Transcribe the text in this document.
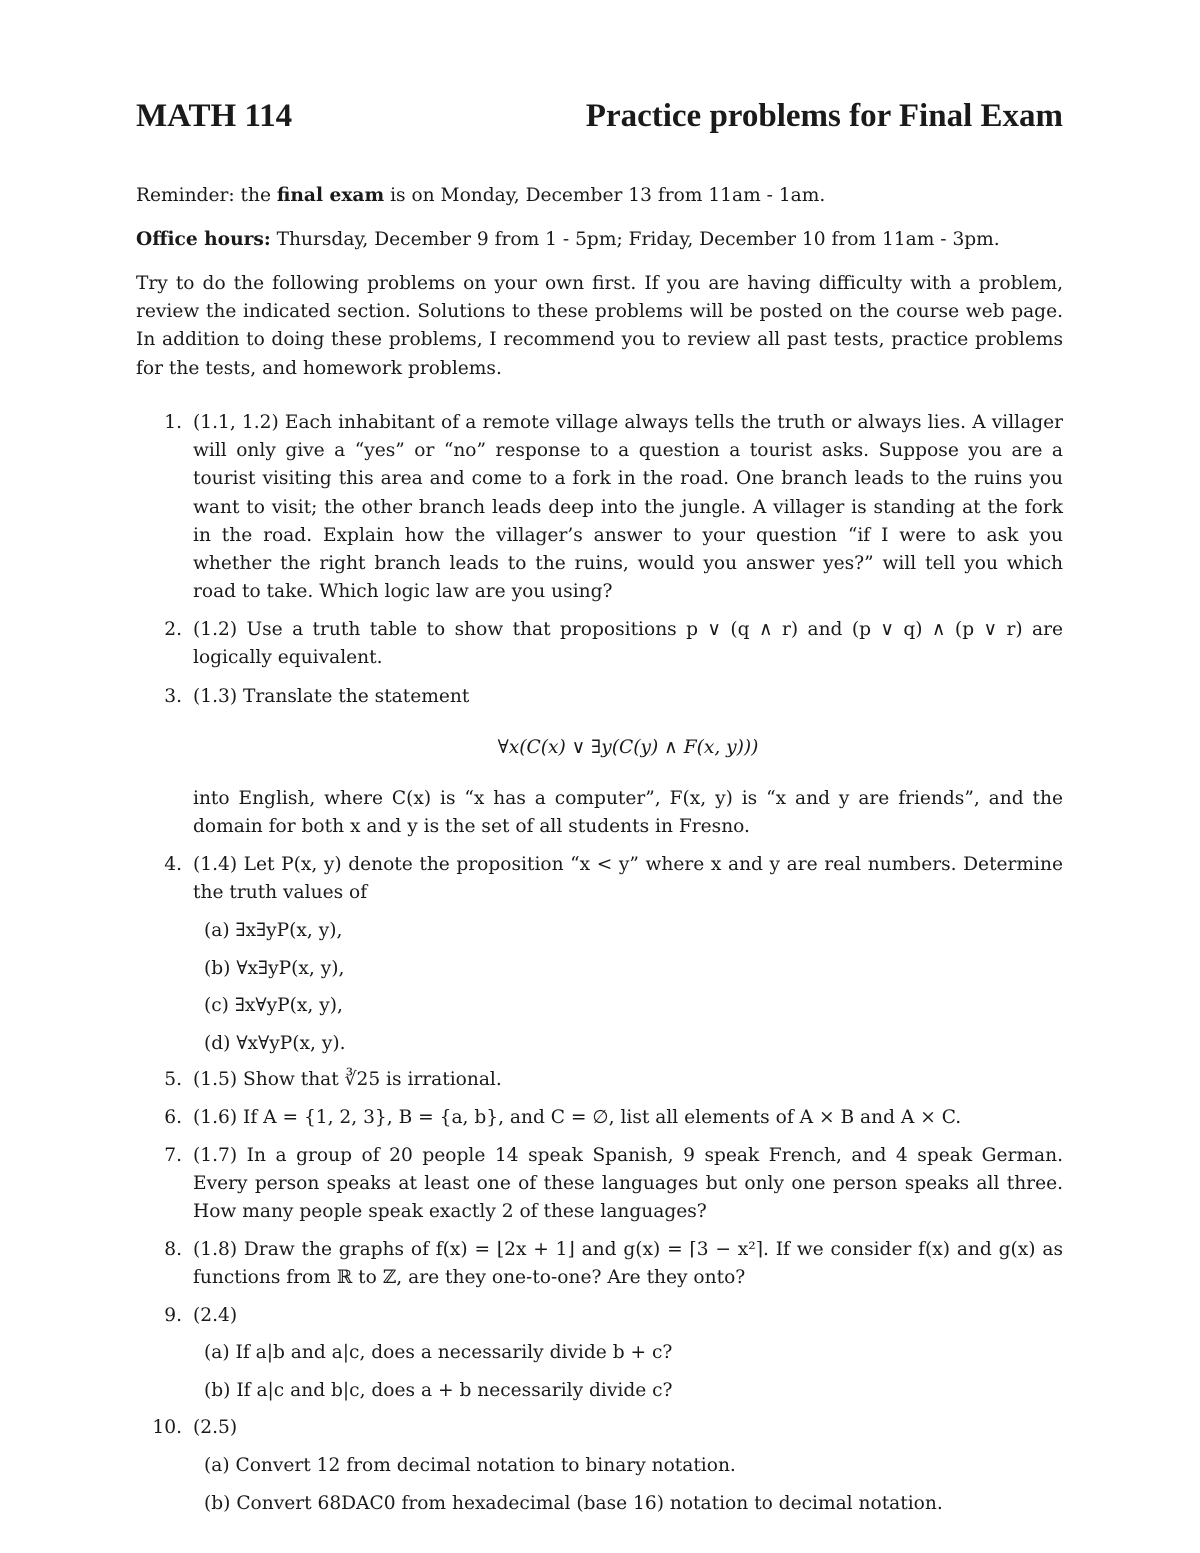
MATH 114	Practice problems for Final Exam

Reminder: the final exam is on Monday, December 13 from 11am - 1am.

Office hours: Thursday, December 9 from 1 - 5pm; Friday, December 10 from 11am - 3pm.

Try to do the following problems on your own first. If you are having difficulty with a problem, review the indicated section. Solutions to these problems will be posted on the course web page. In addition to doing these problems, I recommend you to review all past tests, practice problems for the tests, and homework problems.

1. (1.1, 1.2) Each inhabitant of a remote village always tells the truth or always lies. A villager will only give a “yes” or “no” response to a question a tourist asks. Suppose you are a tourist visiting this area and come to a fork in the road. One branch leads to the ruins you want to visit; the other branch leads deep into the jungle. A villager is standing at the fork in the road. Explain how the villager’s answer to your question “if I were to ask you whether the right branch leads to the ruins, would you answer yes?” will tell you which road to take. Which logic law are you using?
2. (1.2) Use a truth table to show that propositions p ∨ (q ∧ r) and (p ∨ q) ∧ (p ∨ r) are logically equivalent.
3. (1.3) Translate the statement
∀x(C(x) ∨ ∃y(C(y) ∧ F(x, y)))
into English, where C(x) is “x has a computer”, F(x, y) is “x and y are friends”, and the domain for both x and y is the set of all students in Fresno.
4. (1.4) Let P(x, y) denote the proposition “x < y” where x and y are real numbers. Determine the truth values of
(a) ∃x∃yP(x, y),
(b) ∀x∃yP(x, y),
(c) ∃x∀yP(x, y),
(d) ∀x∀yP(x, y).
5. (1.5) Show that ∛25 is irrational.
6. (1.6) If A = {1, 2, 3}, B = {a, b}, and C = ∅, list all elements of A × B and A × C.
7. (1.7) In a group of 20 people 14 speak Spanish, 9 speak French, and 4 speak German. Every person speaks at least one of these languages but only one person speaks all three. How many people speak exactly 2 of these languages?
8. (1.8) Draw the graphs of f(x) = ⌊2x + 1⌋ and g(x) = ⌈3 − x²⌉. If we consider f(x) and g(x) as functions from ℝ to ℤ, are they one-to-one? Are they onto?
9. (2.4)
(a) If a|b and a|c, does a necessarily divide b + c?
(b) If a|c and b|c, does a + b necessarily divide c?
10. (2.5)
(a) Convert 12 from decimal notation to binary notation.
(b) Convert 68DAC0 from hexadecimal (base 16) notation to decimal notation.
